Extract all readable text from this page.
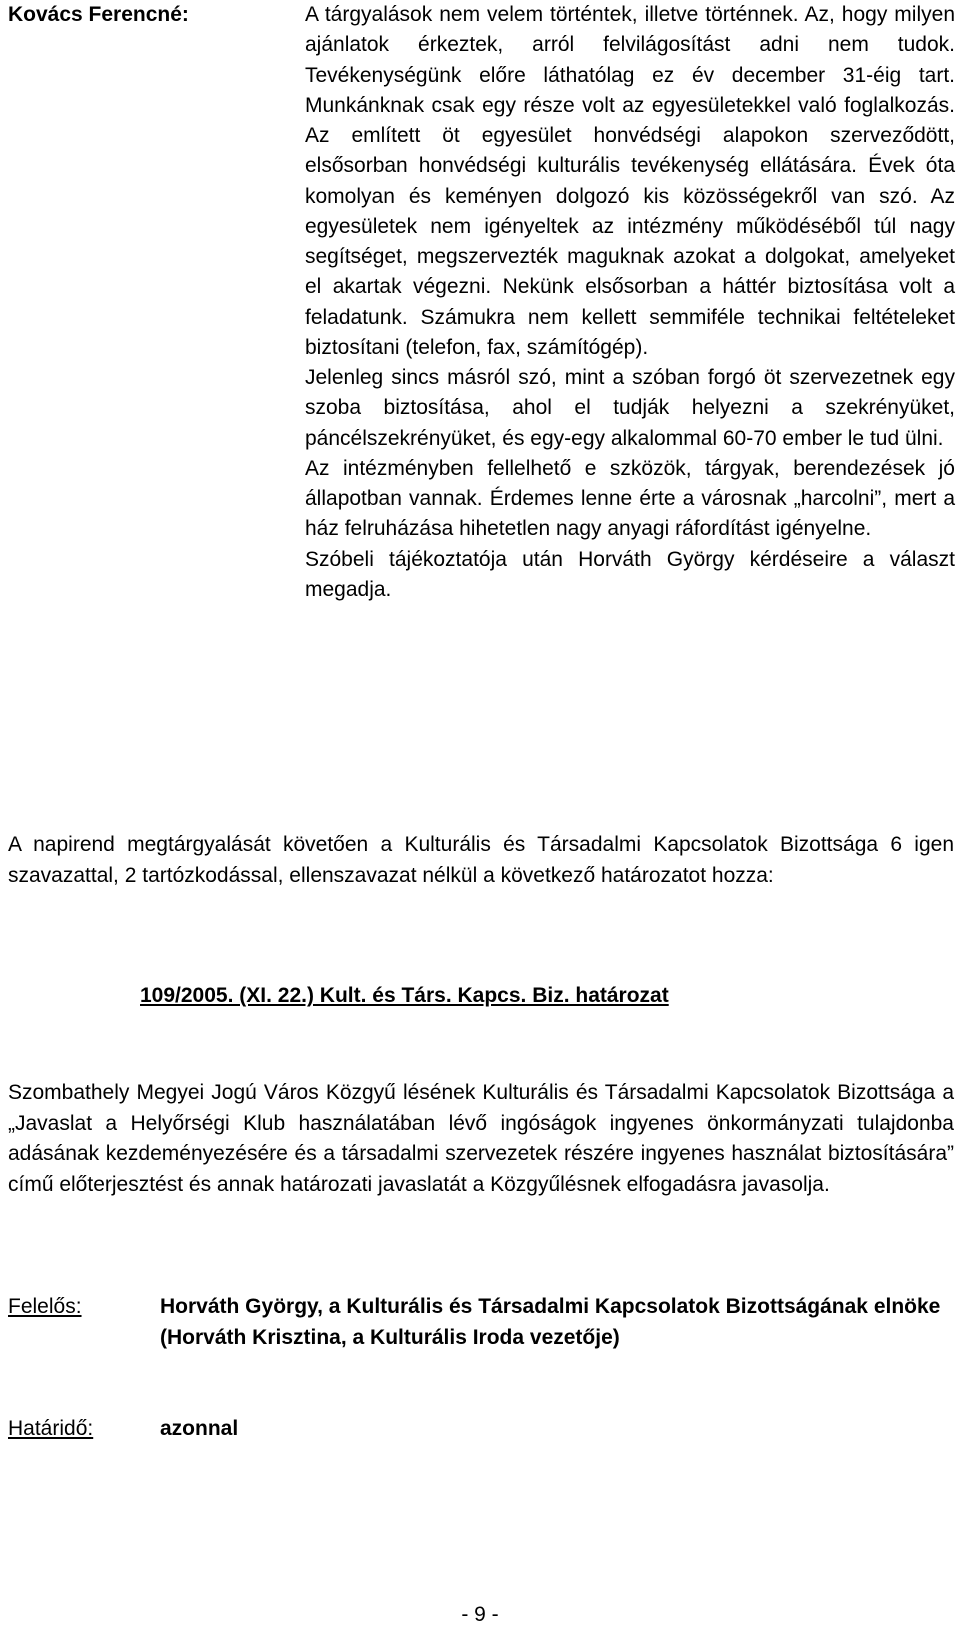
Kovács Ferencné:	A tárgyalások nem velem történtek, illetve történnek. Az, hogy milyen ajánlatok érkeztek, arról felvilágosítást adni nem tudok. Tevékenységünk előre láthatólag ez év december 31-éig tart. Munkánknak csak egy része volt az egyesületekkel való foglalkozás. Az említett öt egyesület honvédségi alapokon szerveződött, elsősorban honvédségi kulturális tevékenység ellátására. Évek óta komolyan és keményen dolgozó kis közösségekről van szó. Az egyesületek nem igényeltek az intézmény működéséből túl nagy segítséget, megszervezték maguknak azokat a dolgokat, amelyeket el akartak végezni. Nekünk elsősorban a háttér biztosítása volt a feladatunk. Számukra nem kellett semmiféle technikai feltételeket biztosítani (telefon, fax, számítógép).

Jelenleg sincs másról szó, mint a szóban forgó öt szervezetnek egy szoba biztosítása, ahol el tudják helyezni a szekrényüket, páncélszekrényüket, és egy-egy alkalommal 60-70 ember le tud ülni.

Az intézményben fellelhető e szközök, tárgyak, berendezések jó állapotban vannak. Érdemes lenne érte a városnak „harcolni”, mert a ház felruházása hihetetlen nagy anyagi ráfordítást igényelne.

Szóbeli tájékoztatója után Horváth György kérdéseire a választ megadja.

A napirend megtárgyalását követően a Kulturális és Társadalmi Kapcsolatok Bizottsága 6 igen szavazattal, 2 tartózkodással, ellenszavazat nélkül a következő határozatot hozza:

109/2005. (XI. 22.) Kult. és Társ. Kapcs. Biz. határozat

Szombathely Megyei Jogú Város Közgyű lésének Kulturális és Társadalmi Kapcsolatok Bizottsága a „Javaslat a Helyőrségi Klub használatában lévő ingóságok ingyenes önkormányzati tulajdonba adásának kezdeményezésére és a társadalmi szervezetek részére ingyenes használat biztosítására” című előterjesztést és annak határozati javaslatát a Közgyűlésnek elfogadásra javasolja.

Felelős:	Horváth György, a Kulturális és Társadalmi Kapcsolatok Bizottságának elnöke
(Horváth Krisztina, a Kulturális Iroda vezetője)
Határidő:	azonnal
- 9 -
